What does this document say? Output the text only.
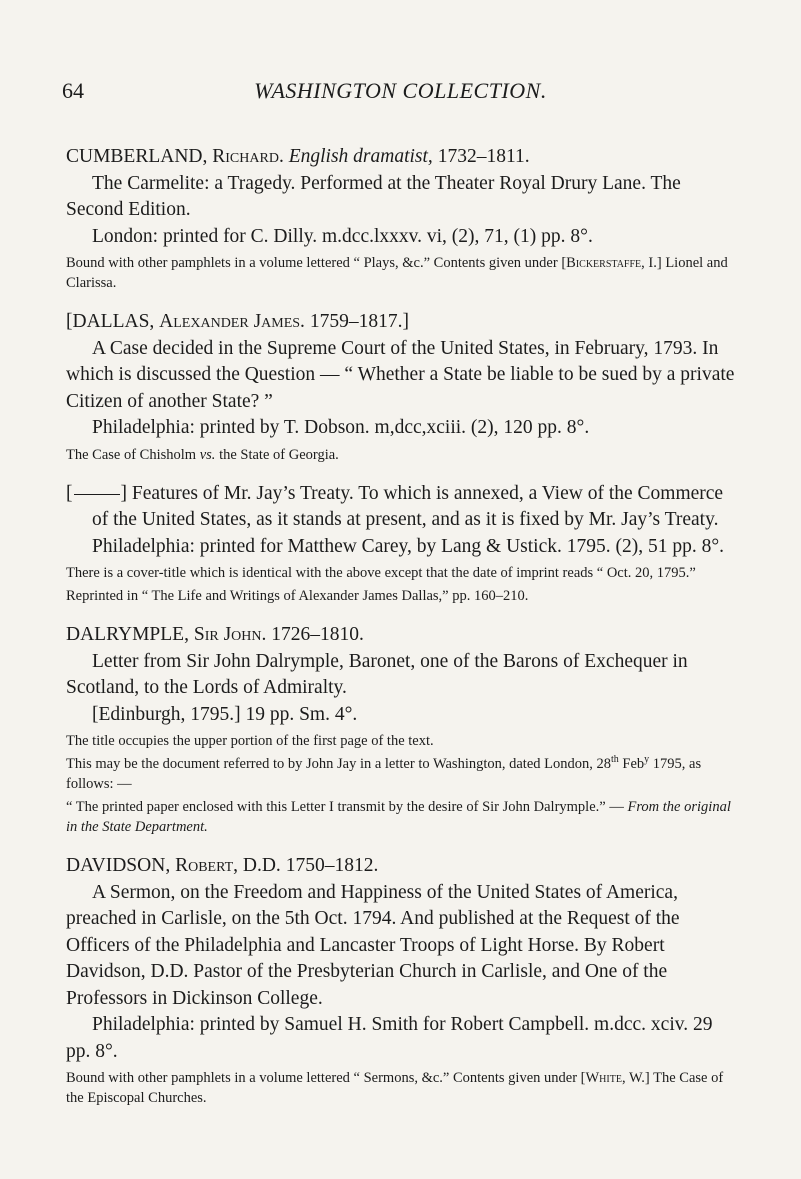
64	WASHINGTON COLLECTION.
CUMBERLAND, Richard. English dramatist, 1732–1811.
The Carmelite: a Tragedy. Performed at the Theater Royal Drury Lane. The Second Edition.
London: printed for C. Dilly. m.dcc.lxxxv. vi, (2), 71, (1) pp. 8°.
Bound with other pamphlets in a volume lettered “ Plays, &c.” Contents given under [Bickerstaffe, I.] Lionel and Clarissa.
[DALLAS, Alexander James. 1759–1817.]
A Case decided in the Supreme Court of the United States, in February, 1793. In which is discussed the Question — “ Whether a State be liable to be sued by a private Citizen of another State? ”
Philadelphia: printed by T. Dobson. m,dcc,xciii. (2), 120 pp. 8°.
The Case of Chisholm vs. the State of Georgia.
[ ] Features of Mr. Jay’s Treaty. To which is annexed, a View of the Commerce of the United States, as it stands at present, and as it is fixed by Mr. Jay’s Treaty.
Philadelphia: printed for Matthew Carey, by Lang & Ustick. 1795. (2), 51 pp. 8°.
There is a cover-title which is identical with the above except that the date of imprint reads “ Oct. 20, 1795.”
Reprinted in “ The Life and Writings of Alexander James Dallas,” pp. 160–210.
DALRYMPLE, Sir John. 1726–1810.
Letter from Sir John Dalrymple, Baronet, one of the Barons of Exchequer in Scotland, to the Lords of Admiralty.
[Edinburgh, 1795.] 19 pp. Sm. 4°.
The title occupies the upper portion of the first page of the text.
This may be the document referred to by John Jay in a letter to Washington, dated London, 28th Feb$^y$ 1795, as follows: —
“ The printed paper enclosed with this Letter I transmit by the desire of Sir John Dalrymple.” — From the original in the State Department.
DAVIDSON, Robert, D.D. 1750–1812.
A Sermon, on the Freedom and Happiness of the United States of America, preached in Carlisle, on the 5th Oct. 1794. And published at the Request of the Officers of the Philadelphia and Lancaster Troops of Light Horse. By Robert Davidson, D.D. Pastor of the Presbyterian Church in Carlisle, and One of the Professors in Dickinson College.
Philadelphia: printed by Samuel H. Smith for Robert Campbell. m.dcc. xciv. 29 pp. 8°.
Bound with other pamphlets in a volume lettered “ Sermons, &c.” Contents given under [White, W.] The Case of the Episcopal Churches.
